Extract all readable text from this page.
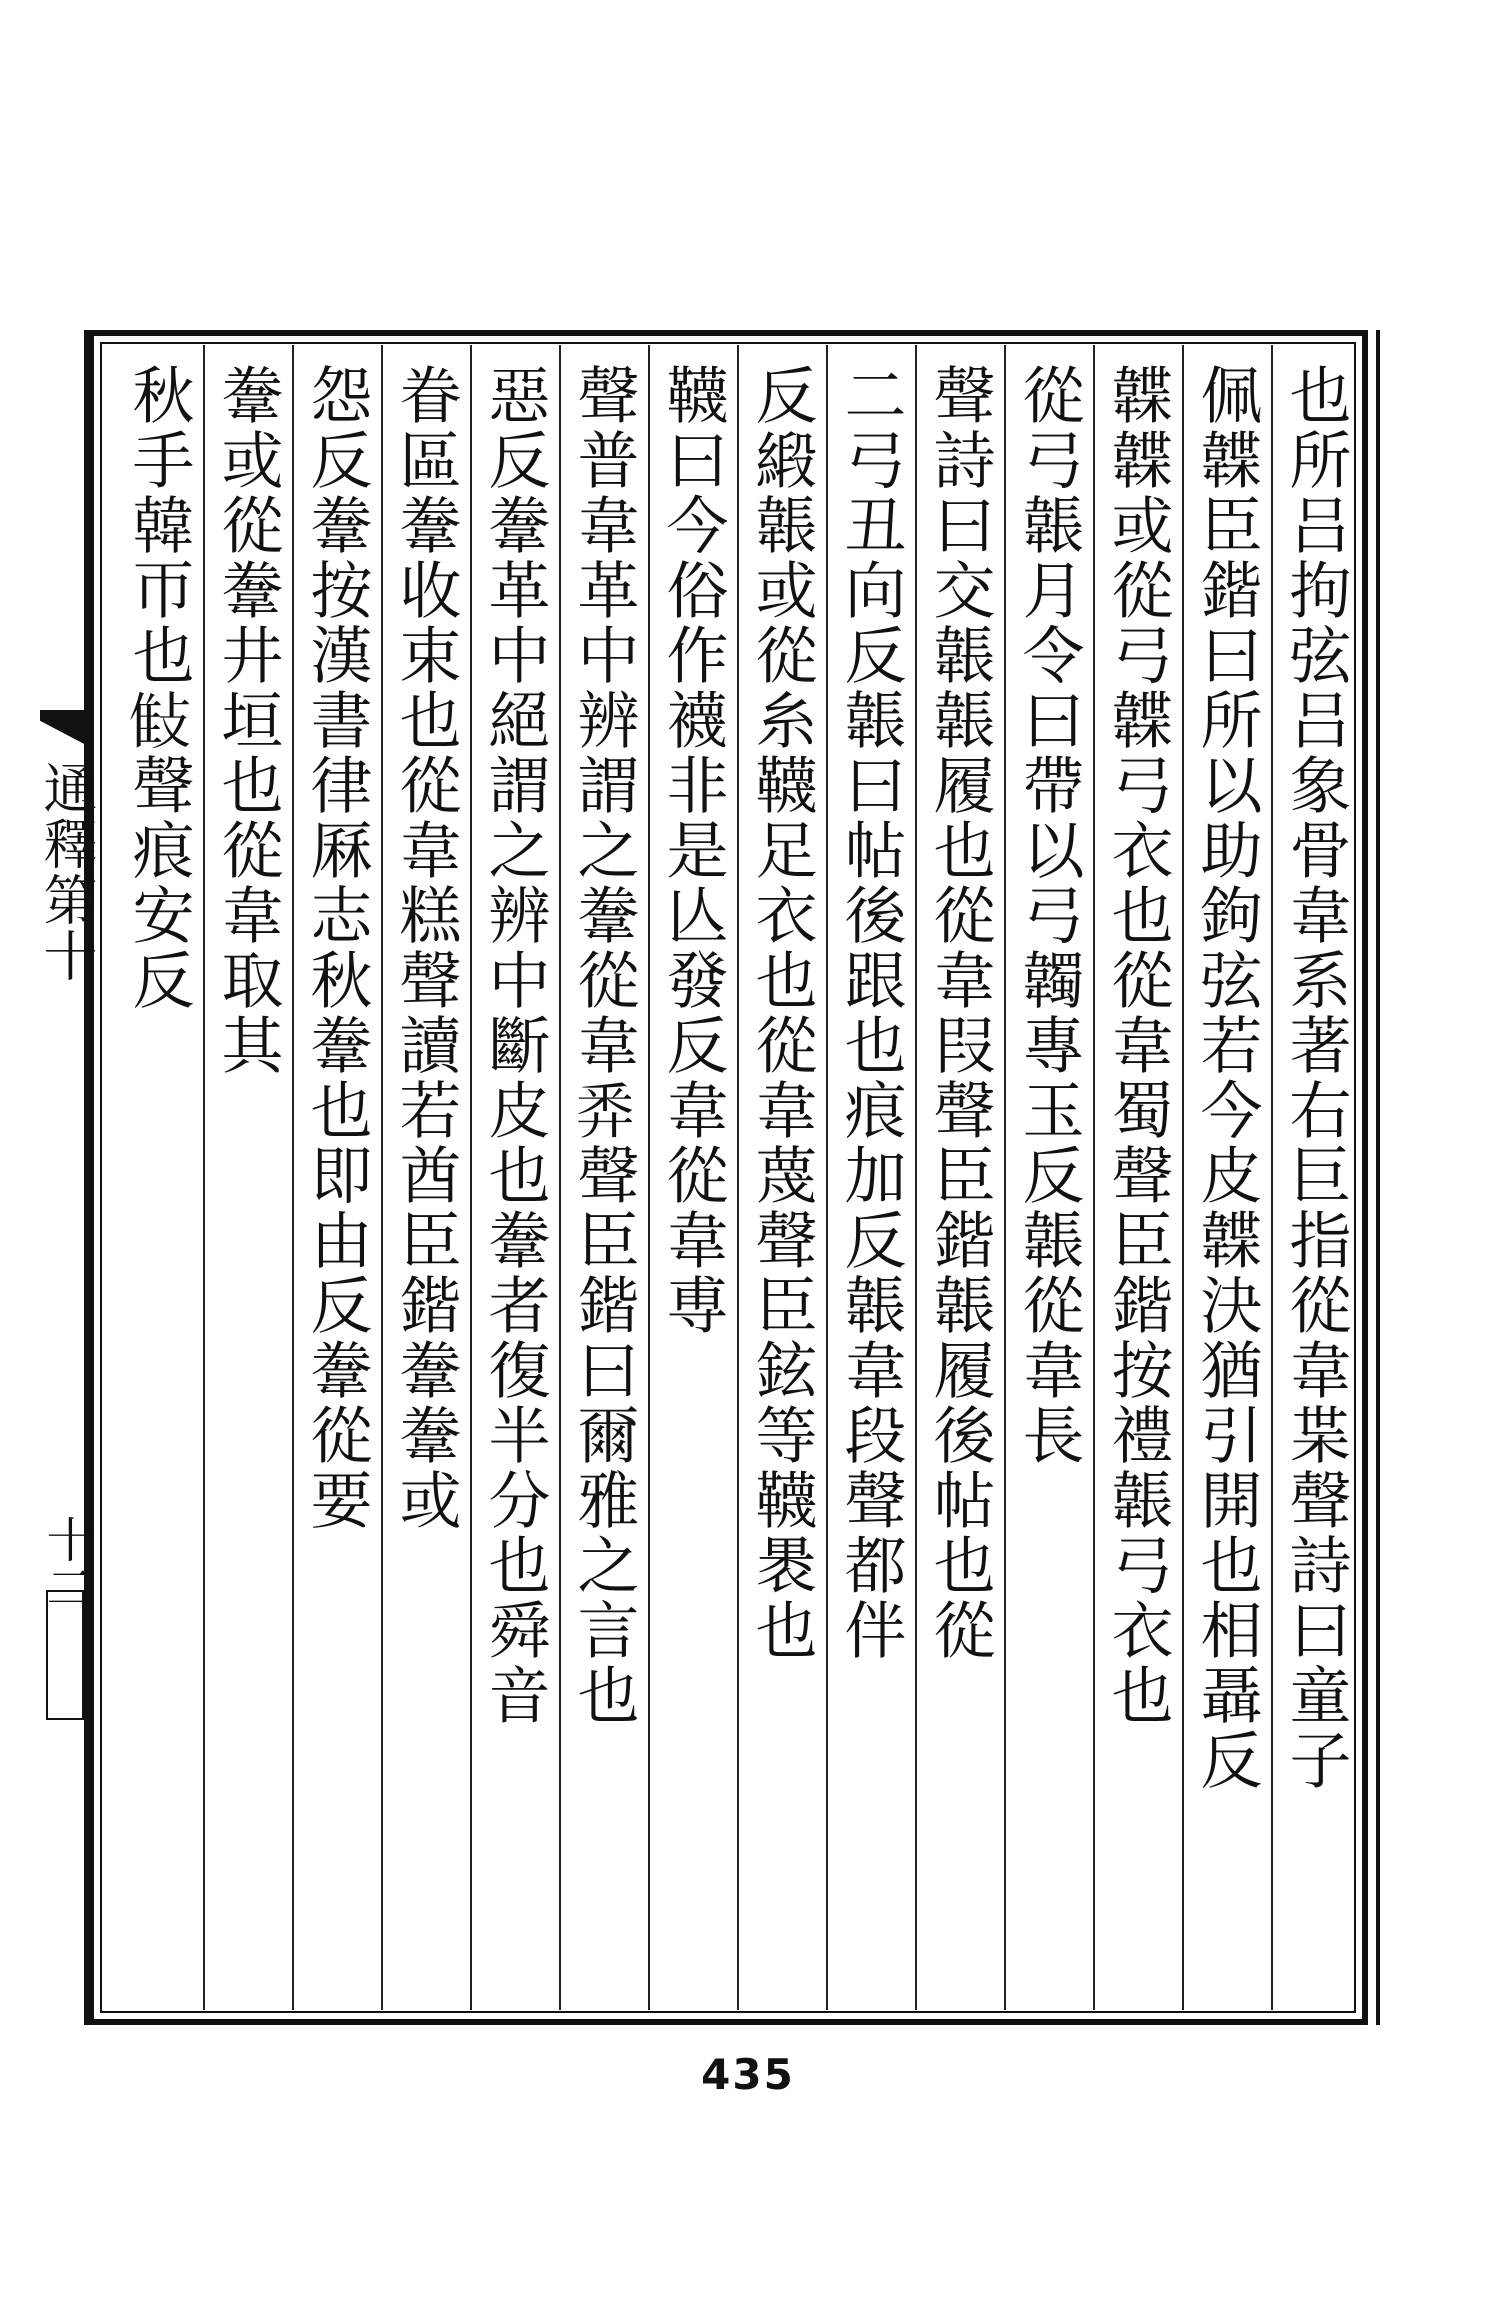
也所吕拘弦吕象骨韋系著右巨指從韋枼聲詩曰童子
佩韘臣鍇曰所以助鉤弦若今皮韘決猶引開也相聶反
韘韘或從弓韘弓衣也從韋蜀聲臣鍇按禮韔弓衣也
從弓韔月令曰帶以弓韣專玉反韔從韋長
聲詩曰交韔韔履也從韋叚聲臣鍇韔履後帖也從
二弓丑向反韔曰帖後跟也痕加反韔韋段聲都伴
反緞韔或從糸韈足衣也從韋蔑聲臣鉉等韈褁也
韈曰今俗作襪非是亾發反韋從韋尃
聲普韋革中辨謂之韏從韋𢍏聲臣鍇曰爾雅之言也
惡反韏革中絕謂之辨中斷皮也韏者復半分也舜音
眷區韏收束也從韋糕聲讀若酋臣鍇韏韏或
怨反韏按漢書律厤志秋韏也即由反韏從要
韏或從韏井垣也從韋取其
秋手韓帀也𢽝聲痕安反
通釋第十
十二
435
